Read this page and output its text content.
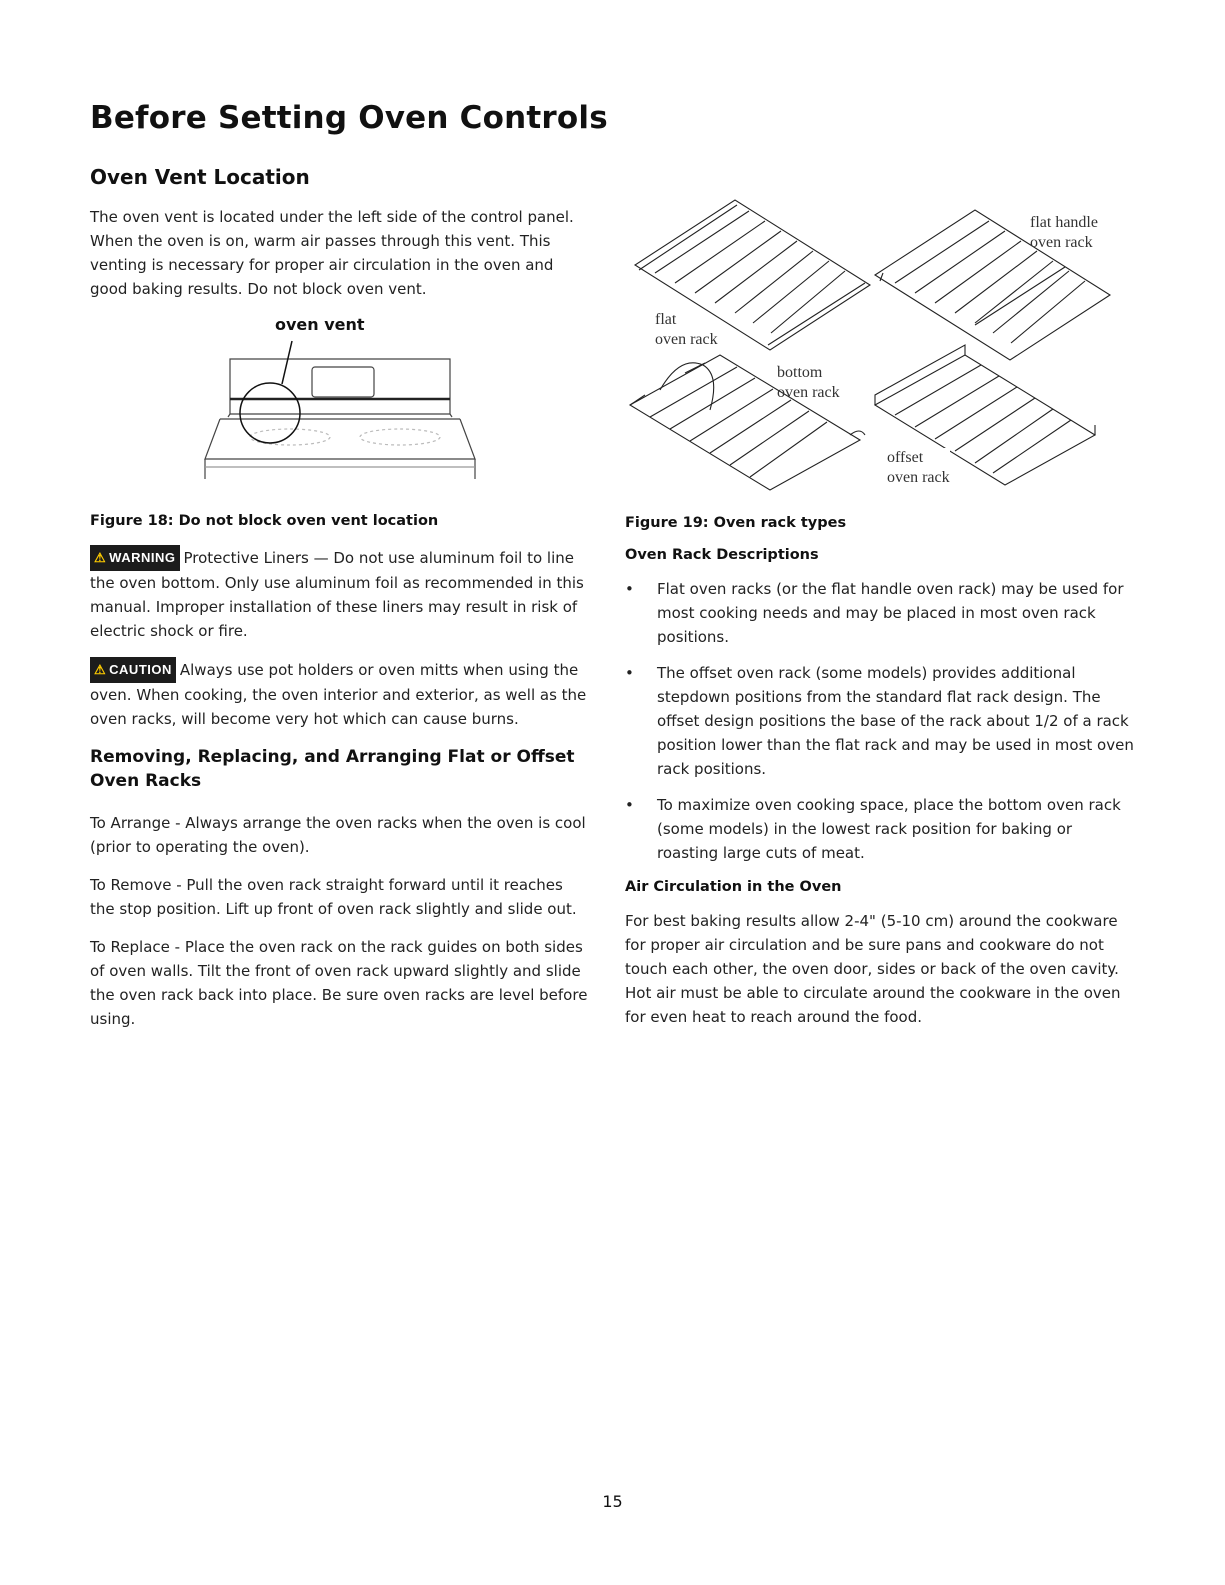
Before Setting Oven Controls
Oven Vent Location

The oven vent is located under the left side of the control panel. When the oven is on, warm air passes through this vent. This venting is necessary for proper air circulation in the oven and good baking results. Do not block oven vent.

oven vent

Figure 18: Do not block oven vent location

⚠ WARNING Protective Liners — Do not use aluminum foil to line the oven bottom. Only use aluminum foil as recommended in this manual. Improper installation of these liners may result in risk of electric shock or fire.

⚠ CAUTION Always use pot holders or oven mitts when using the oven. When cooking, the oven interior and exterior, as well as the oven racks, will become very hot which can cause burns.

Removing, Replacing, and Arranging Flat or Offset Oven Racks

To Arrange - Always arrange the oven racks when the oven is cool (prior to operating the oven).

To Remove - Pull the oven rack straight forward until it reaches the stop position. Lift up front of oven rack slightly and slide out.

To Replace - Place the oven rack on the rack guides on both sides of oven walls. Tilt the front of oven rack upward slightly and slide the oven rack back into place. Be sure oven racks are level before using.

flat
oven rack
flat handle
oven rack
bottom
oven rack
offset
oven rack

Figure 19: Oven rack types

Oven Rack Descriptions

• Flat oven racks (or the flat handle oven rack) may be used for most cooking needs and may be placed in most oven rack positions.
• The offset oven rack (some models) provides additional stepdown positions from the standard flat rack design. The offset design positions the base of the rack about 1/2 of a rack position lower than the flat rack and may be used in most oven rack positions.
• To maximize oven cooking space, place the bottom oven rack (some models) in the lowest rack position for baking or roasting large cuts of meat.

Air Circulation in the Oven

For best baking results allow 2-4" (5-10 cm) around the cookware for proper air circulation and be sure pans and cookware do not touch each other, the oven door, sides or back of the oven cavity. Hot air must be able to circulate around the cookware in the oven for even heat to reach around the food.

15
